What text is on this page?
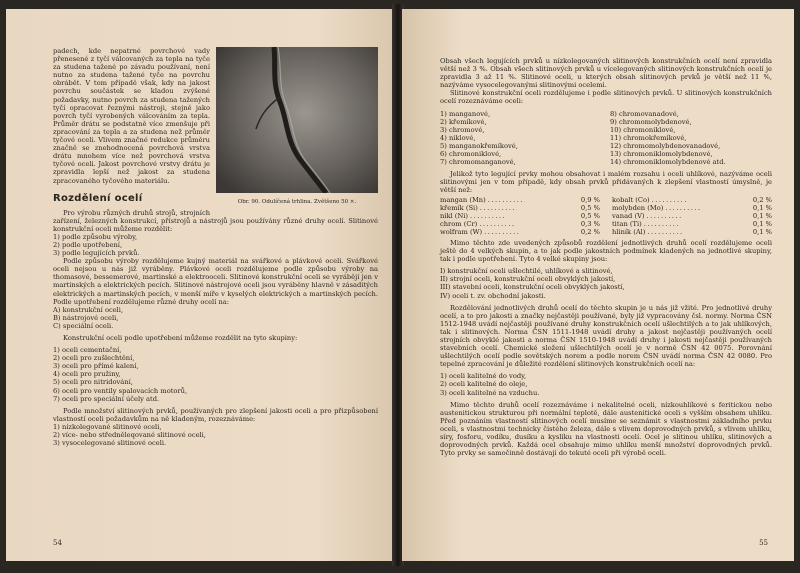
Obr. 90. Odulíčená trhlina. Zvětšeno 50 ×.

padech, kde nepatrné povrchové vady přenesené z tyčí válcovaných za tepla na tyče za studena tažené po závadu používaní, není nutno za studena tažené tyče na povrchu obrábět. V tom případě však, kdy na jakost povrchu součástek se kladou zvýšené požadavky, nutno povrch za studena tažených tyčí opracovat řeznými nástroji, stejně jako povrch tyčí vyrobených válcováním za tepla. Průměr drátu se podstatně více zmenšuje při zpracování za tepla a za studena než průměr tyčové oceli. Vlivem značné redukce průměru značně se znehodnocená povrchová vrstva drátu mnohem více než povrchová vrstva tyčové oceli. Jakost povrchové vrstvy drátu je zpravidla lepší než jakost za studena zpracovaného tyčového materiálu.

Rozdělení ocelí

Pro výrobu různých druhů strojů, strojních zařízení, železných konstrukcí, přístrojů a nástrojů jsou používány různé druhy ocelí. Slitinové konstrukční oceli můžeme rozdělit:

1) podle způsobu výroby,
2) podle upotřebení,
3) podle legujících prvků.

Podle způsobu výroby rozdělujeme kujný materiál na svářkové a plávkové oceli. Svářkové oceli nejsou u nás již vyráběny. Plávkové oceli rozdělujeme podle způsobu výroby na thomasové, bessemerové, martinské a elektrooceli. Slitinové konstrukční oceli se vyrábějí jen v martinských a elektrických pecích. Slitinové nástrojové oceli jsou vyráběny hlavně v zásaditých elektrických a martinských pecích, v menší míře v kyselých elektrických a martinských pecích. Podle upotřebení rozdělujeme různé druhy ocelí na:

A) konstrukční oceli,
B) nástrojové oceli,
C) speciální oceli.

Konstrukční oceli podle upotřebení můžeme rozdělit na tyto skupiny:

1) oceli cementační,
2) oceli pro zušlechtění,
3) oceli pro přímé kalení,
4) oceli pro pružiny,
5) oceli pro nitridování,
6) oceli pro ventily spalovacích motorů,
7) oceli pro speciální účely atd.

Podle množství slitinových prvků, používaných pro zlepšení jakosti oceli a pro přizpůsobení vlastností oceli požadavkům na ně kladeným, rozeznáváme:

1) nízkolegované slitinové oceli,
2) více- nebo středněleqované slitinové oceli,
3) vysocelegované slitinové oceli.
54

Obsah všech legujících prvků u nízkolegovaných slitinových konstrukčních ocelí není zpravidla větší než 3 %. Obsah všech slitinových prvků u vícelegovaných slitinových konstrukčních ocelí je zpravidla 3 až 11 %. Slitinové oceli, u kterých obsah slitinových prvků je větší než 11 %, nazýváme vysocelegovanými slitinovými ocelemi.

Slitinové konstrukční oceli rozdělujeme i podle slitinových prvků. U slitinových konstrukčních ocelí rozeznáváme oceli:

1) manganové,
2) křemíkové,
3) chromové,
4) niklové,
5) manganokřemíkové,
6) chromoniklové,
7) chromomanganové,
8) chromovanadové,
9) chromomolybdenové,
10) chromoniklové,
11) chromokřemíkové,
12) chromomolybdenovanadové,
13) chromoniklomolybdenové,
14) chromoniklomolybdenové atd.

Jelikož tyto legující prvky mohou obsahovat i malém rozsahu i oceli uhlíkové, nazýváme oceli slitinovými jen v tom případě, kdy obsah prvků přidávaných k zlepšení vlastností úmyslně, je větší než:

mangan (Mn) ..........	0,9 %
křemík (Si) ..........	0,5 %
nikl (Ni) ..........	0,5 %
chrom (Cr) ..........	0,3 %
wolfram (W) ..........	0,2 %
kobalt (Co) ..........	0,2 %
molybden (Mo) ..........	0,1 %
vanad (V) ..........	0,1 %
titan (Ti) ..........	0,1 %
hliník (Al) ..........	0,1 %

Mimo těchto zde uvedených způsobů rozdělení jednotlivých druhů ocelí rozdělujeme oceli ještě do 4 velkých skupin, a to jak podle jakostních podmínek kladených na jednotlivé skupiny, tak i podle upotřebení. Tyto 4 velké skupiny jsou:

I) konstrukční oceli ušlechtilé, uhlíkové a slitinové,
II) strojní oceli, konstrukční oceli obvyklých jakostí,
III) stavební oceli, konstrukční oceli obvyklých jakostí,
IV) oceli t. zv. obchodní jakosti.

Rozdělování jednotlivých druhů ocelí do těchto skupin je u nás již vžité. Pro jednotlivé druhy ocelí, a to pro jakosti a značky nejčastěji používané, byly již vypracovány čsl. normy. Norma ČSN 1512-1948 uvádí nejčastěji používané druhy konstrukčních ocelí ušlechtilých a to jak uhlíkových, tak i slitinových. Norma ČSN 1511-1948 uvádí druhy a jakost nejčastěji používaných ocelí strojních obvyklé jakosti a norma ČSN 1510-1948 uvádí druhy i jakosti nejčastěji používaných stavebních ocelí. Chemické složení ušlechtilých ocelí je v normě ČSN 42 0075. Porovnání ušlechtilých ocelí podle sovětských norem a podle norem ČSN uvádí norma ČSN 42 0080. Pro tepelné zpracování je důležité rozdělení slitinových konstrukčních ocelí na:

1) oceli kalitelné do vody,
2) oceli kalitelné do oleje,
3) oceli kalitelné na vzduchu.

Mimo těchto druhů ocelí rozeznáváme i nekalitelné oceli, nízkouhlíkové s feritickou nebo austenitickou strukturou při normální teplotě, dále austenitické oceli s vyšším obsahem uhlíku. Před poznáním vlastností slitinových ocelí musíme se seznámit s vlastnostmi základního prvku oceli, s vlastnostmi technicky čistého železa, dále s vlivem doprovodných prvků, s vlivem uhlíku, síry, fosforu, vodíku, dusíku a kyslíku na vlastnosti ocelí. Ocel je slitinou uhlíku, slitinových a doprovodných prvků. Každá ocel obsahuje mimo uhlíku menší množství doprovodných prvků. Tyto prvky se samočinně dostávají do tekuté oceli při výrobě oceli.

55
